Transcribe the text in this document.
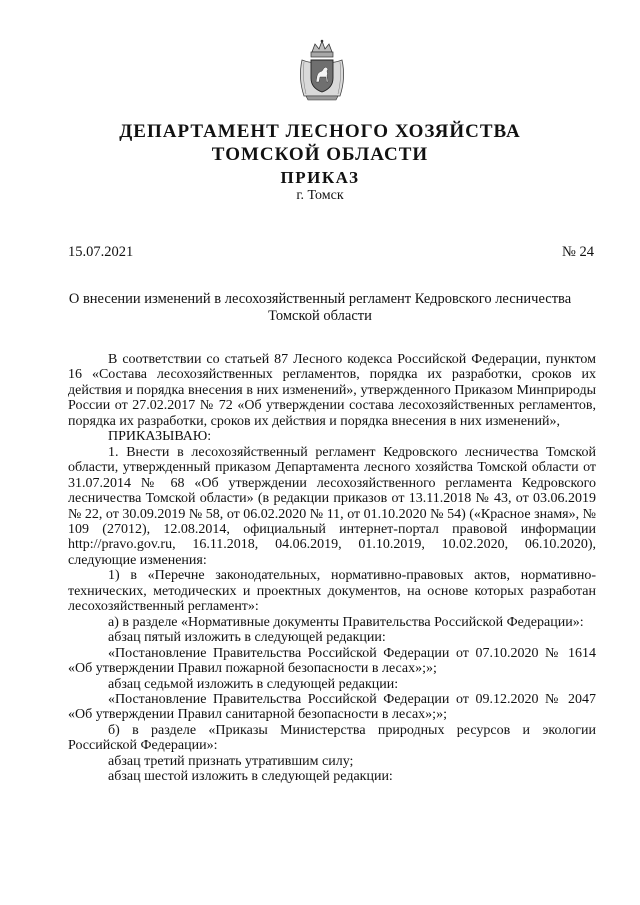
ДЕПАРТАМЕНТ ЛЕСНОГО ХОЗЯЙСТВА
ТОМСКОЙ ОБЛАСТИ
ПРИКАЗ
г. Томск
15.07.2021	№ 24
О внесении изменений в лесохозяйственный регламент Кедровского лесничества
Томской области

В соответствии со статьей 87 Лесного кодекса Российской Федерации, пунктом 16 «Состава лесохозяйственных регламентов, порядка их разработки, сроков их действия и порядка внесения в них изменений», утвержденного Приказом Минприроды России от 27.02.2017 № 72 «Об утверждении состава лесохозяйственных регламентов, порядка их разработки, сроков их действия и порядка внесения в них изменений»,

ПРИКАЗЫВАЮ:

1. Внести в лесохозяйственный регламент Кедровского лесничества Томской области, утвержденный приказом Департамента лесного хозяйства Томской области от 31.07.2014 № 68 «Об утверждении лесохозяйственного регламента Кедровского лесничества Томской области» (в редакции приказов от 13.11.2018 № 43, от 03.06.2019 № 22, от 30.09.2019 № 58, от 06.02.2020 № 11, от 01.10.2020 № 54) («Красное знамя», № 109 (27012), 12.08.2014, официальный интернет-портал правовой информации http://pravo.gov.ru, 16.11.2018, 04.06.2019, 01.10.2019, 10.02.2020, 06.10.2020), следующие изменения:

1) в «Перечне законодательных, нормативно-правовых актов, нормативно-технических, методических и проектных документов, на основе которых разработан лесохозяйственный регламент»:

а) в разделе «Нормативные документы Правительства Российской Федерации»:

абзац пятый изложить в следующей редакции:

«Постановление Правительства Российской Федерации от 07.10.2020 № 1614 «Об утверждении Правил пожарной безопасности в лесах»;»;

абзац седьмой изложить в следующей редакции:

«Постановление Правительства Российской Федерации от 09.12.2020 № 2047 «Об утверждении Правил санитарной безопасности в лесах»;»;

б) в разделе «Приказы Министерства природных ресурсов и экологии Российской Федерации»:

абзац третий признать утратившим силу;

абзац шестой изложить в следующей редакции:
